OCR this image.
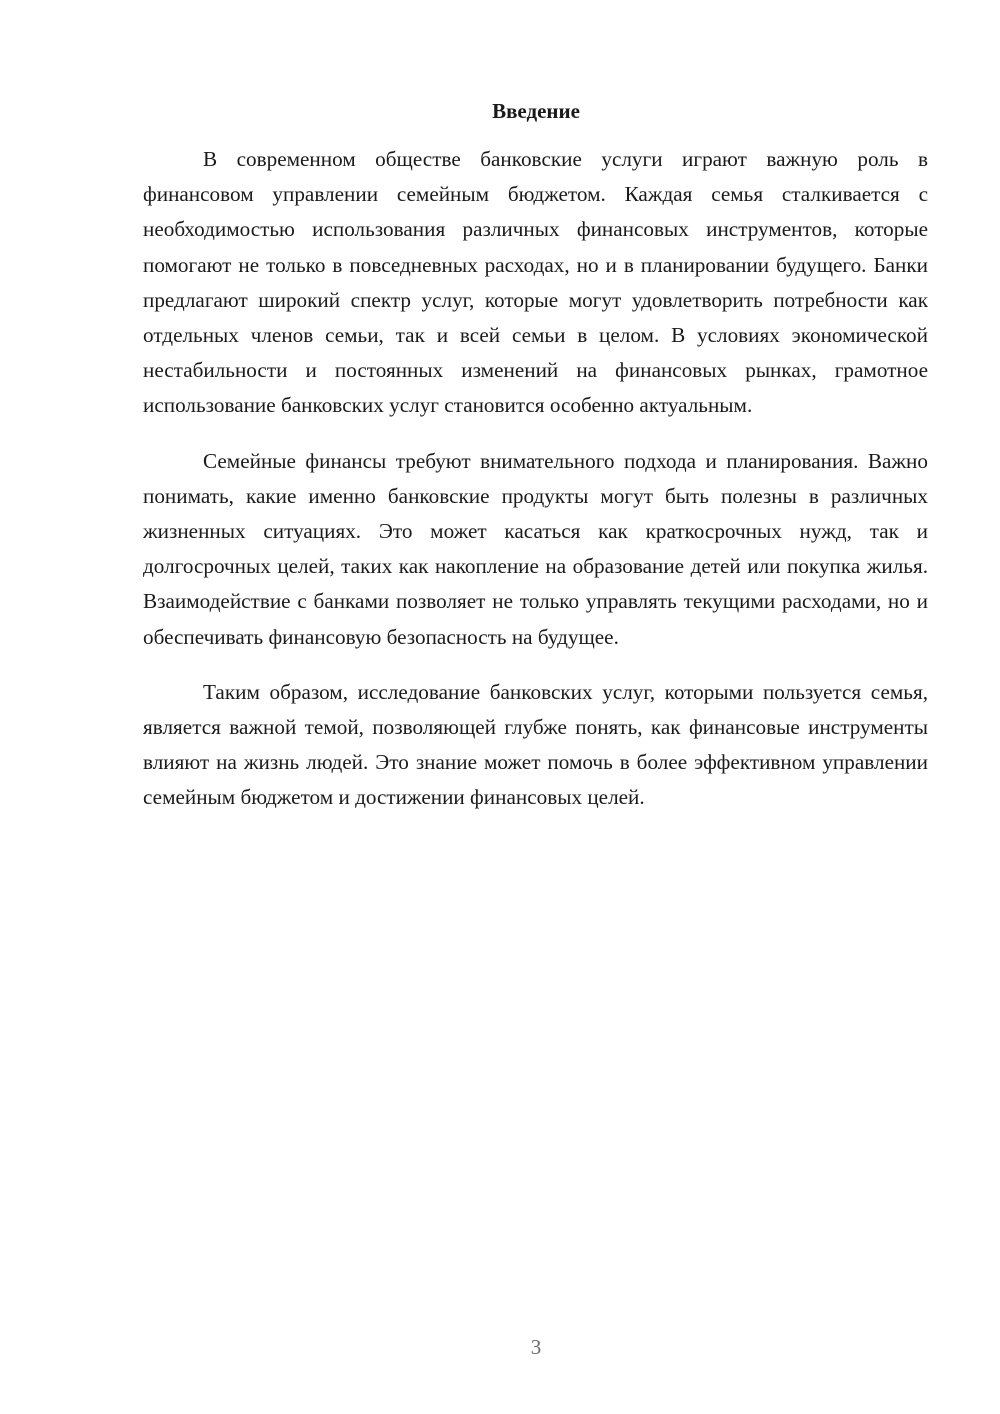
Введение

В современном обществе банковские услуги играют важную роль в финансовом управлении семейным бюджетом. Каждая семья сталкивается с необходимостью использования различных финансовых инструментов, которые помогают не только в повседневных расходах, но и в планировании будущего. Банки предлагают широкий спектр услуг, которые могут удовлетворить потребности как отдельных членов семьи, так и всей семьи в целом. В условиях экономической нестабильности и постоянных изменений на финансовых рынках, грамотное использование банковских услуг становится особенно актуальным.

Семейные финансы требуют внимательного подхода и планирования. Важно понимать, какие именно банковские продукты могут быть полезны в различных жизненных ситуациях. Это может касаться как краткосрочных нужд, так и долгосрочных целей, таких как накопление на образование детей или покупка жилья. Взаимодействие с банками позволяет не только управлять текущими расходами, но и обеспечивать финансовую безопасность на будущее.

Таким образом, исследование банковских услуг, которыми пользуется семья, является важной темой, позволяющей глубже понять, как финансовые инструменты влияют на жизнь людей. Это знание может помочь в более эффективном управлении семейным бюджетом и достижении финансовых целей.

3
